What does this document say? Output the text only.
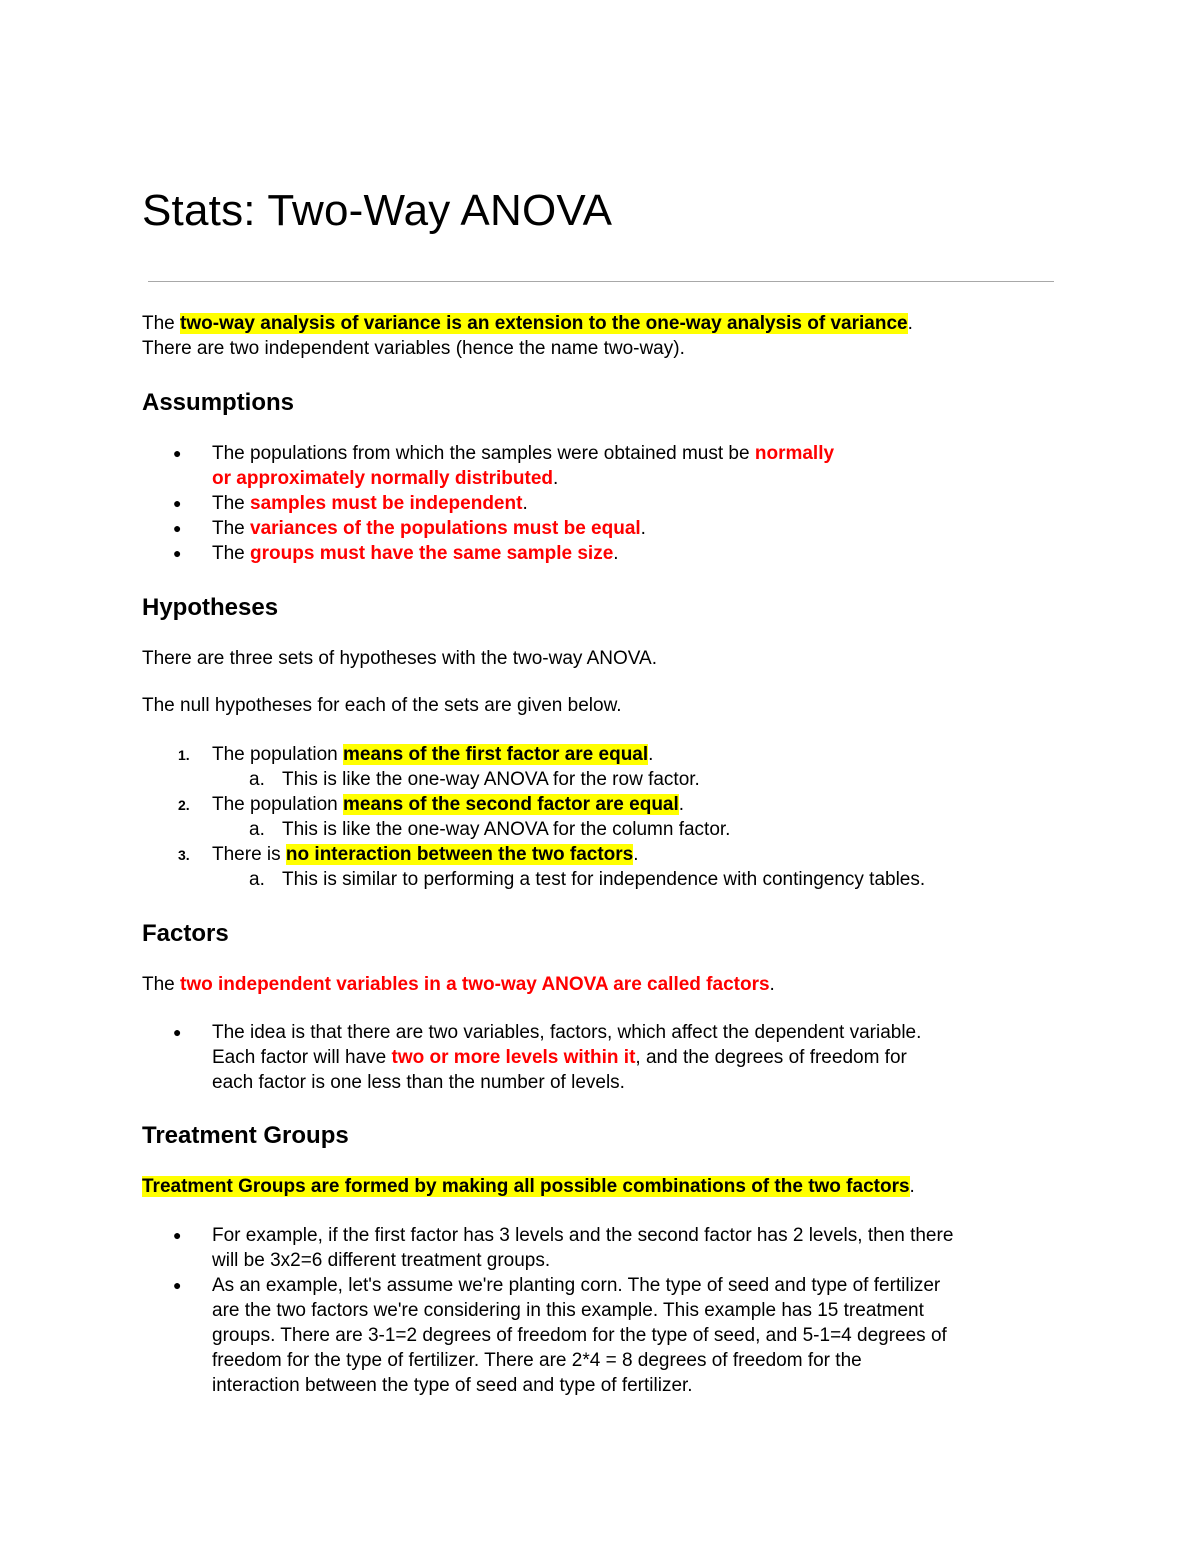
Stats: Two-Way ANOVA
The two-way analysis of variance is an extension to the one-way analysis of variance.
There are two independent variables (hence the name two-way).
Assumptions
● The populations from which the samples were obtained must be normally
or approximately normally distributed.
● The samples must be independent.
● The variances of the populations must be equal.
● The groups must have the same sample size.
Hypotheses
There are three sets of hypotheses with the two-way ANOVA.
The null hypotheses for each of the sets are given below.
1. The population means of the first factor are equal.
a. This is like the one-way ANOVA for the row factor.
2. The population means of the second factor are equal.
a. This is like the one-way ANOVA for the column factor.
3. There is no interaction between the two factors.
a. This is similar to performing a test for independence with contingency tables.
Factors
The two independent variables in a two-way ANOVA are called factors.
● The idea is that there are two variables, factors, which affect the dependent variable.
Each factor will have two or more levels within it, and the degrees of freedom for
each factor is one less than the number of levels.
Treatment Groups
Treatment Groups are formed by making all possible combinations of the two factors.
● For example, if the first factor has 3 levels and the second factor has 2 levels, then there
will be 3x2=6 different treatment groups.
● As an example, let's assume we're planting corn. The type of seed and type of fertilizer
are the two factors we're considering in this example. This example has 15 treatment
groups. There are 3-1=2 degrees of freedom for the type of seed, and 5-1=4 degrees of
freedom for the type of fertilizer. There are 2*4 = 8 degrees of freedom for the
interaction between the type of seed and type of fertilizer.
